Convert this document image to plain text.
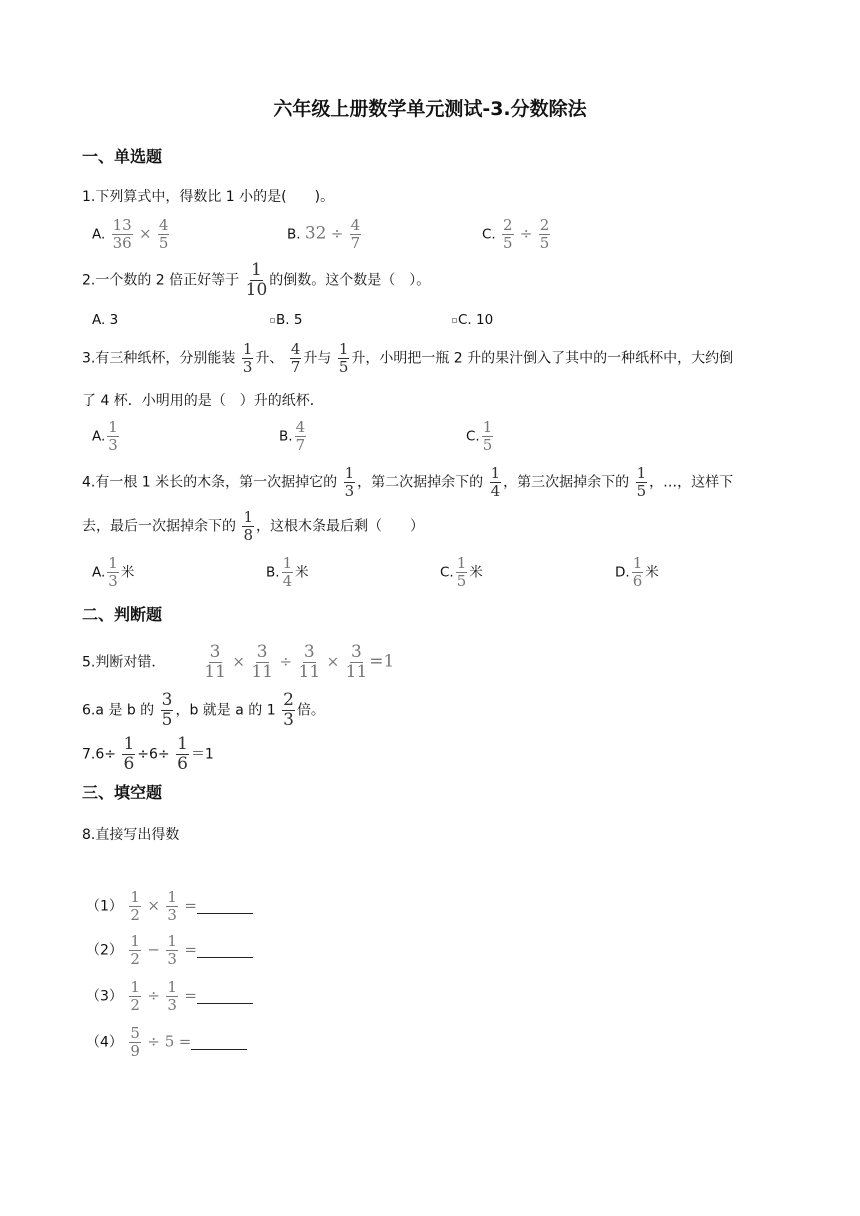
六年级上册数学单元测试-3.分数除法
一、单选题
1.下列算式中，得数比 1 小的是(　　)。
A. $\frac{13}{36} \times \frac{4}{5}$	B. $32 \div \frac{4}{7}$	C. $\frac{2}{5} \div \frac{2}{5}$
2.一个数的 2 倍正好等于 $\frac{1}{10}$ 的倒数。这个数是（　）。
A. 3	B. 5	C. 10
3.有三种纸杯，分别能装 $\frac{1}{3}$ 升、 $\frac{4}{7}$ 升与 $\frac{1}{5}$ 升，小明把一瓶 2 升的果汁倒入了其中的一种纸杯中，大约倒
了 4 杯．小明用的是（　）升的纸杯．
A. $\frac{1}{3}$	B. $\frac{4}{7}$	C. $\frac{1}{5}$
4.有一根 1 米长的木条，第一次据掉它的 $\frac{1}{3}$ ，第二次据掉余下的 $\frac{1}{4}$ ，第三次据掉余下的 $\frac{1}{5}$ ，…，这样下
去，最后一次据掉余下的 $\frac{1}{8}$ ，这根木条最后剩（　　）
A. $\frac{1}{3}$ 米	B. $\frac{1}{4}$ 米	C. $\frac{1}{5}$ 米	D. $\frac{1}{6}$ 米
二、判断题
5.判断对错． $\frac{3}{11} \times \frac{3}{11} \div \frac{3}{11} \times \frac{3}{11} =1$
6.a 是 b 的 $\frac{3}{5}$ ，b 就是 a 的 $1 \frac{2}{3}$ 倍。
$7.6\div \frac{1}{6} \div 6\div \frac{1}{6} =1$
三、填空题
8.直接写出得数
$(1) \frac{1}{2} \times \frac{1}{3}$ =
$(2) \frac{1}{2} - \frac{1}{3}$ =
$(3) \frac{1}{2} \div \frac{1}{3}$ =
$(4) \frac{5}{9} \div 5$ =
